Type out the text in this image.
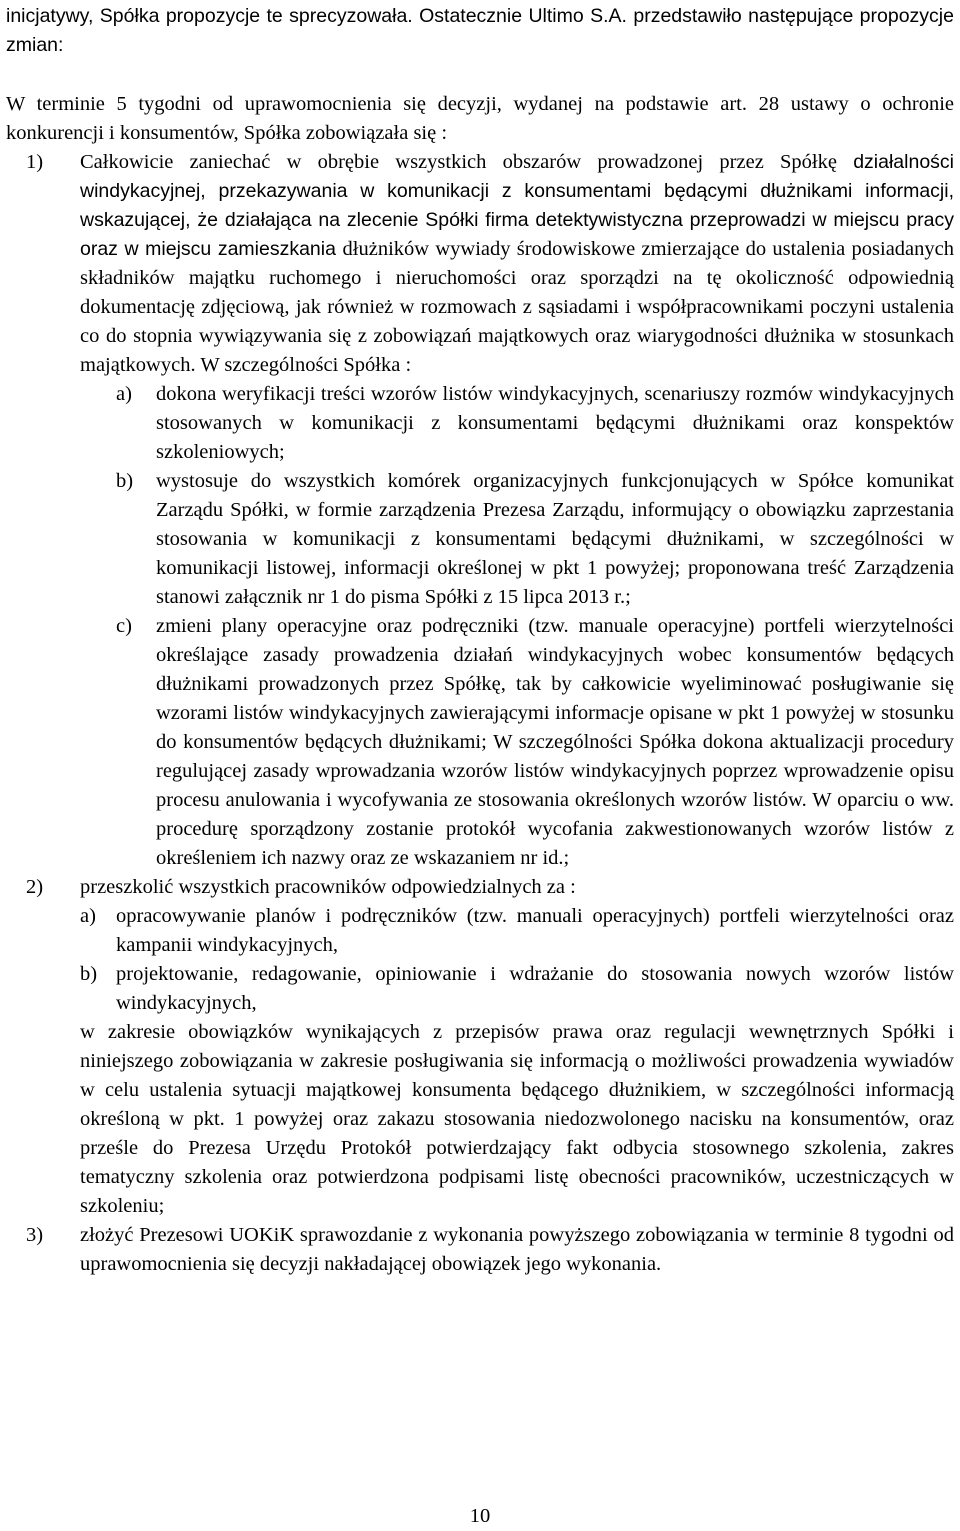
inicjatywy, Spółka propozycje te sprecyzowała. Ostatecznie Ultimo S.A. przedstawiło następujące propozycje zmian:

W terminie 5 tygodni od uprawomocnienia się decyzji, wydanej na podstawie art. 28 ustawy o ochronie konkurencji i konsumentów, Spółka zobowiązała się :

1) Całkowicie zaniechać w obrębie wszystkich obszarów prowadzonej przez Spółkę działalności windykacyjnej, przekazywania w komunikacji z konsumentami będącymi dłużnikami informacji, wskazującej, że działająca na zlecenie Spółki firma detektywistyczna przeprowadzi w miejscu pracy oraz w miejscu zamieszkania dłużników wywiady środowiskowe zmierzające do ustalenia posiadanych składników majątku ruchomego i nieruchomości oraz sporządzi na tę okoliczność odpowiednią dokumentację zdjęciową, jak również w rozmowach z sąsiadami i współpracownikami poczyni ustalenia co do stopnia wywiązywania się z zobowiązań majątkowych oraz wiarygodności dłużnika w stosunkach majątkowych. W szczególności Spółka :

a) dokona weryfikacji treści wzorów listów windykacyjnych, scenariuszy rozmów windykacyjnych stosowanych w komunikacji z konsumentami będącymi dłużnikami oraz konspektów szkoleniowych;

b) wystosuje do wszystkich komórek organizacyjnych funkcjonujących w Spółce komunikat Zarządu Spółki, w formie zarządzenia Prezesa Zarządu, informujący o obowiązku zaprzestania stosowania w komunikacji z konsumentami będącymi dłużnikami, w szczególności w komunikacji listowej, informacji określonej w pkt 1 powyżej; proponowana treść Zarządzenia stanowi załącznik nr 1 do pisma Spółki z 15 lipca 2013 r.;

c) zmieni plany operacyjne oraz podręczniki (tzw. manuale operacyjne) portfeli wierzytelności określające zasady prowadzenia działań windykacyjnych wobec konsumentów będących dłużnikami prowadzonych przez Spółkę, tak by całkowicie wyeliminować posługiwanie się wzorami listów windykacyjnych zawierającymi informacje opisane w pkt 1 powyżej w stosunku do konsumentów będących dłużnikami; W szczególności Spółka dokona aktualizacji procedury regulującej zasady wprowadzania wzorów listów windykacyjnych poprzez wprowadzenie opisu procesu anulowania i wycofywania ze stosowania określonych wzorów listów. W oparciu o ww. procedurę sporządzony zostanie protokół wycofania zakwestionowanych wzorów listów z określeniem ich nazwy oraz ze wskazaniem nr id.;

2) przeszkolić wszystkich pracowników odpowiedzialnych za :

a) opracowywanie planów i podręczników (tzw. manuali operacyjnych) portfeli wierzytelności oraz kampanii windykacyjnych,

b) projektowanie, redagowanie, opiniowanie i wdrażanie do stosowania nowych wzorów listów windykacyjnych,

w zakresie obowiązków wynikających z przepisów prawa oraz regulacji wewnętrznych Spółki i niniejszego zobowiązania w zakresie posługiwania się informacją o możliwości prowadzenia wywiadów w celu ustalenia sytuacji majątkowej konsumenta będącego dłużnikiem, w szczególności informacją określoną w pkt. 1 powyżej oraz zakazu stosowania niedozwolonego nacisku na konsumentów, oraz prześle do Prezesa Urzędu Protokół potwierdzający fakt odbycia stosownego szkolenia, zakres tematyczny szkolenia oraz potwierdzona podpisami listę obecności pracowników, uczestniczących w szkoleniu;

3) złożyć Prezesowi UOKiK sprawozdanie z wykonania powyższego zobowiązania w terminie 8 tygodni od uprawomocnienia się decyzji nakładającej obowiązek jego wykonania.

10
